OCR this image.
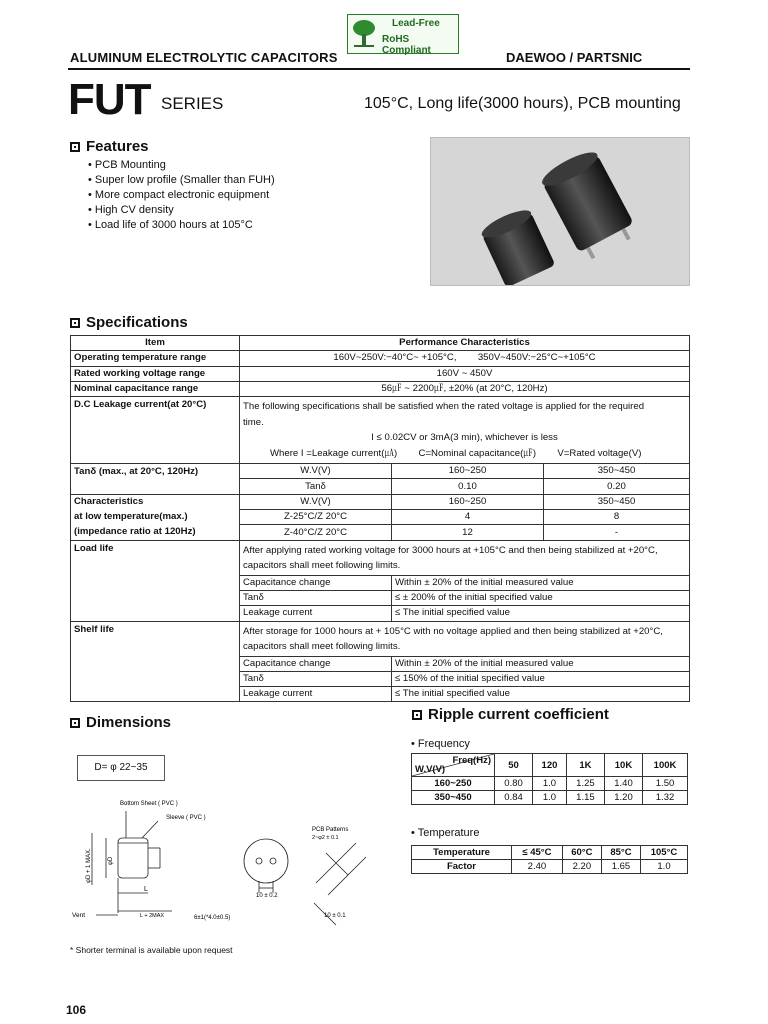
Lead-Free
RoHS Compliant
ALUMINUM ELECTROLYTIC CAPACITORS	DAEWOO / PARTSNIC
FUT SERIES	105°C, Long life(3000 hours), PCB mounting
Features
• PCB Mounting
• Super low profile (Smaller than FUH)
• More compact electronic equipment
• High CV density
• Load life of 3000 hours at 105°C
Specifications
Item	Performance Characteristics		
Operating temperature range	160V~250V:−40°C~ +105°C, 350V~450V:−25°C~+105°C		
Rated working voltage range	160V ~ 450V		
Nominal capacitance range	56㎌ ~ 2200㎌, ±20% (at 20°C, 120Hz)		
D.C Leakage current(at 20°C)	The following specifications shall be satisfied when the rated voltage is applied for the required
time.
I ≤ 0.02CV or 3mA(3 min), whichever is less
Where I =Leakage current(㎂) C=Nominal capacitance(㎌) V=Rated voltage(V)		

Tanδ (max., at 20°C, 120Hz)	W.V(V)	160~250	350~450
	Tanδ	0.10	0.20
Characteristics	W.V(V)	160~250	350~450
at low temperature(max.)	Z-25°C/Z 20°C	4	8
(impedance ratio at 120Hz)	Z-40°C/Z 20°C	12	-
Load life	After applying rated working voltage for 3000 hours at +105°C and then being stabilized at +20°C,
capacitors shall meet following limits.		

	Capacitance change	Within ± 20% of the initial measured value	
	Tanδ	≤ ± 200% of the initial specified value	
	Leakage current	≤ The initial specified value	
Shelf life	After storage for 1000 hours at + 105°C with no voltage applied and then being stabilized at +20°C,
capacitors shall meet following limits.		

	Capacitance change	Within ± 20% of the initial measured value	
	Tanδ	≤ 150% of the initial specified value	
	Leakage current	≤ The initial specified value	
Dimensions
D= φ 22~35
Bottom Sheet ( PVC )
Sleeve ( PVC )
PCB Patterns
2~φ2 ± 0.1
L
φD
φD + 1 MAX.
Vent	L + 2MAX	6±1(*4.0±0.5)
10 ± 0.2
10 ± 0.1
Ripple current coefficient
• Frequency
Freq(Hz)
W.V(V)	50	120	1K	10K	100K
160~250	0.80	1.0	1.25	1.40	1.50
350~450	0.84	1.0	1.15	1.20	1.32
• Temperature
Temperature	≤ 45°C	60°C	85°C	105°C
Factor	2.40	2.20	1.65	1.0
* Shorter terminal is available upon request
106
